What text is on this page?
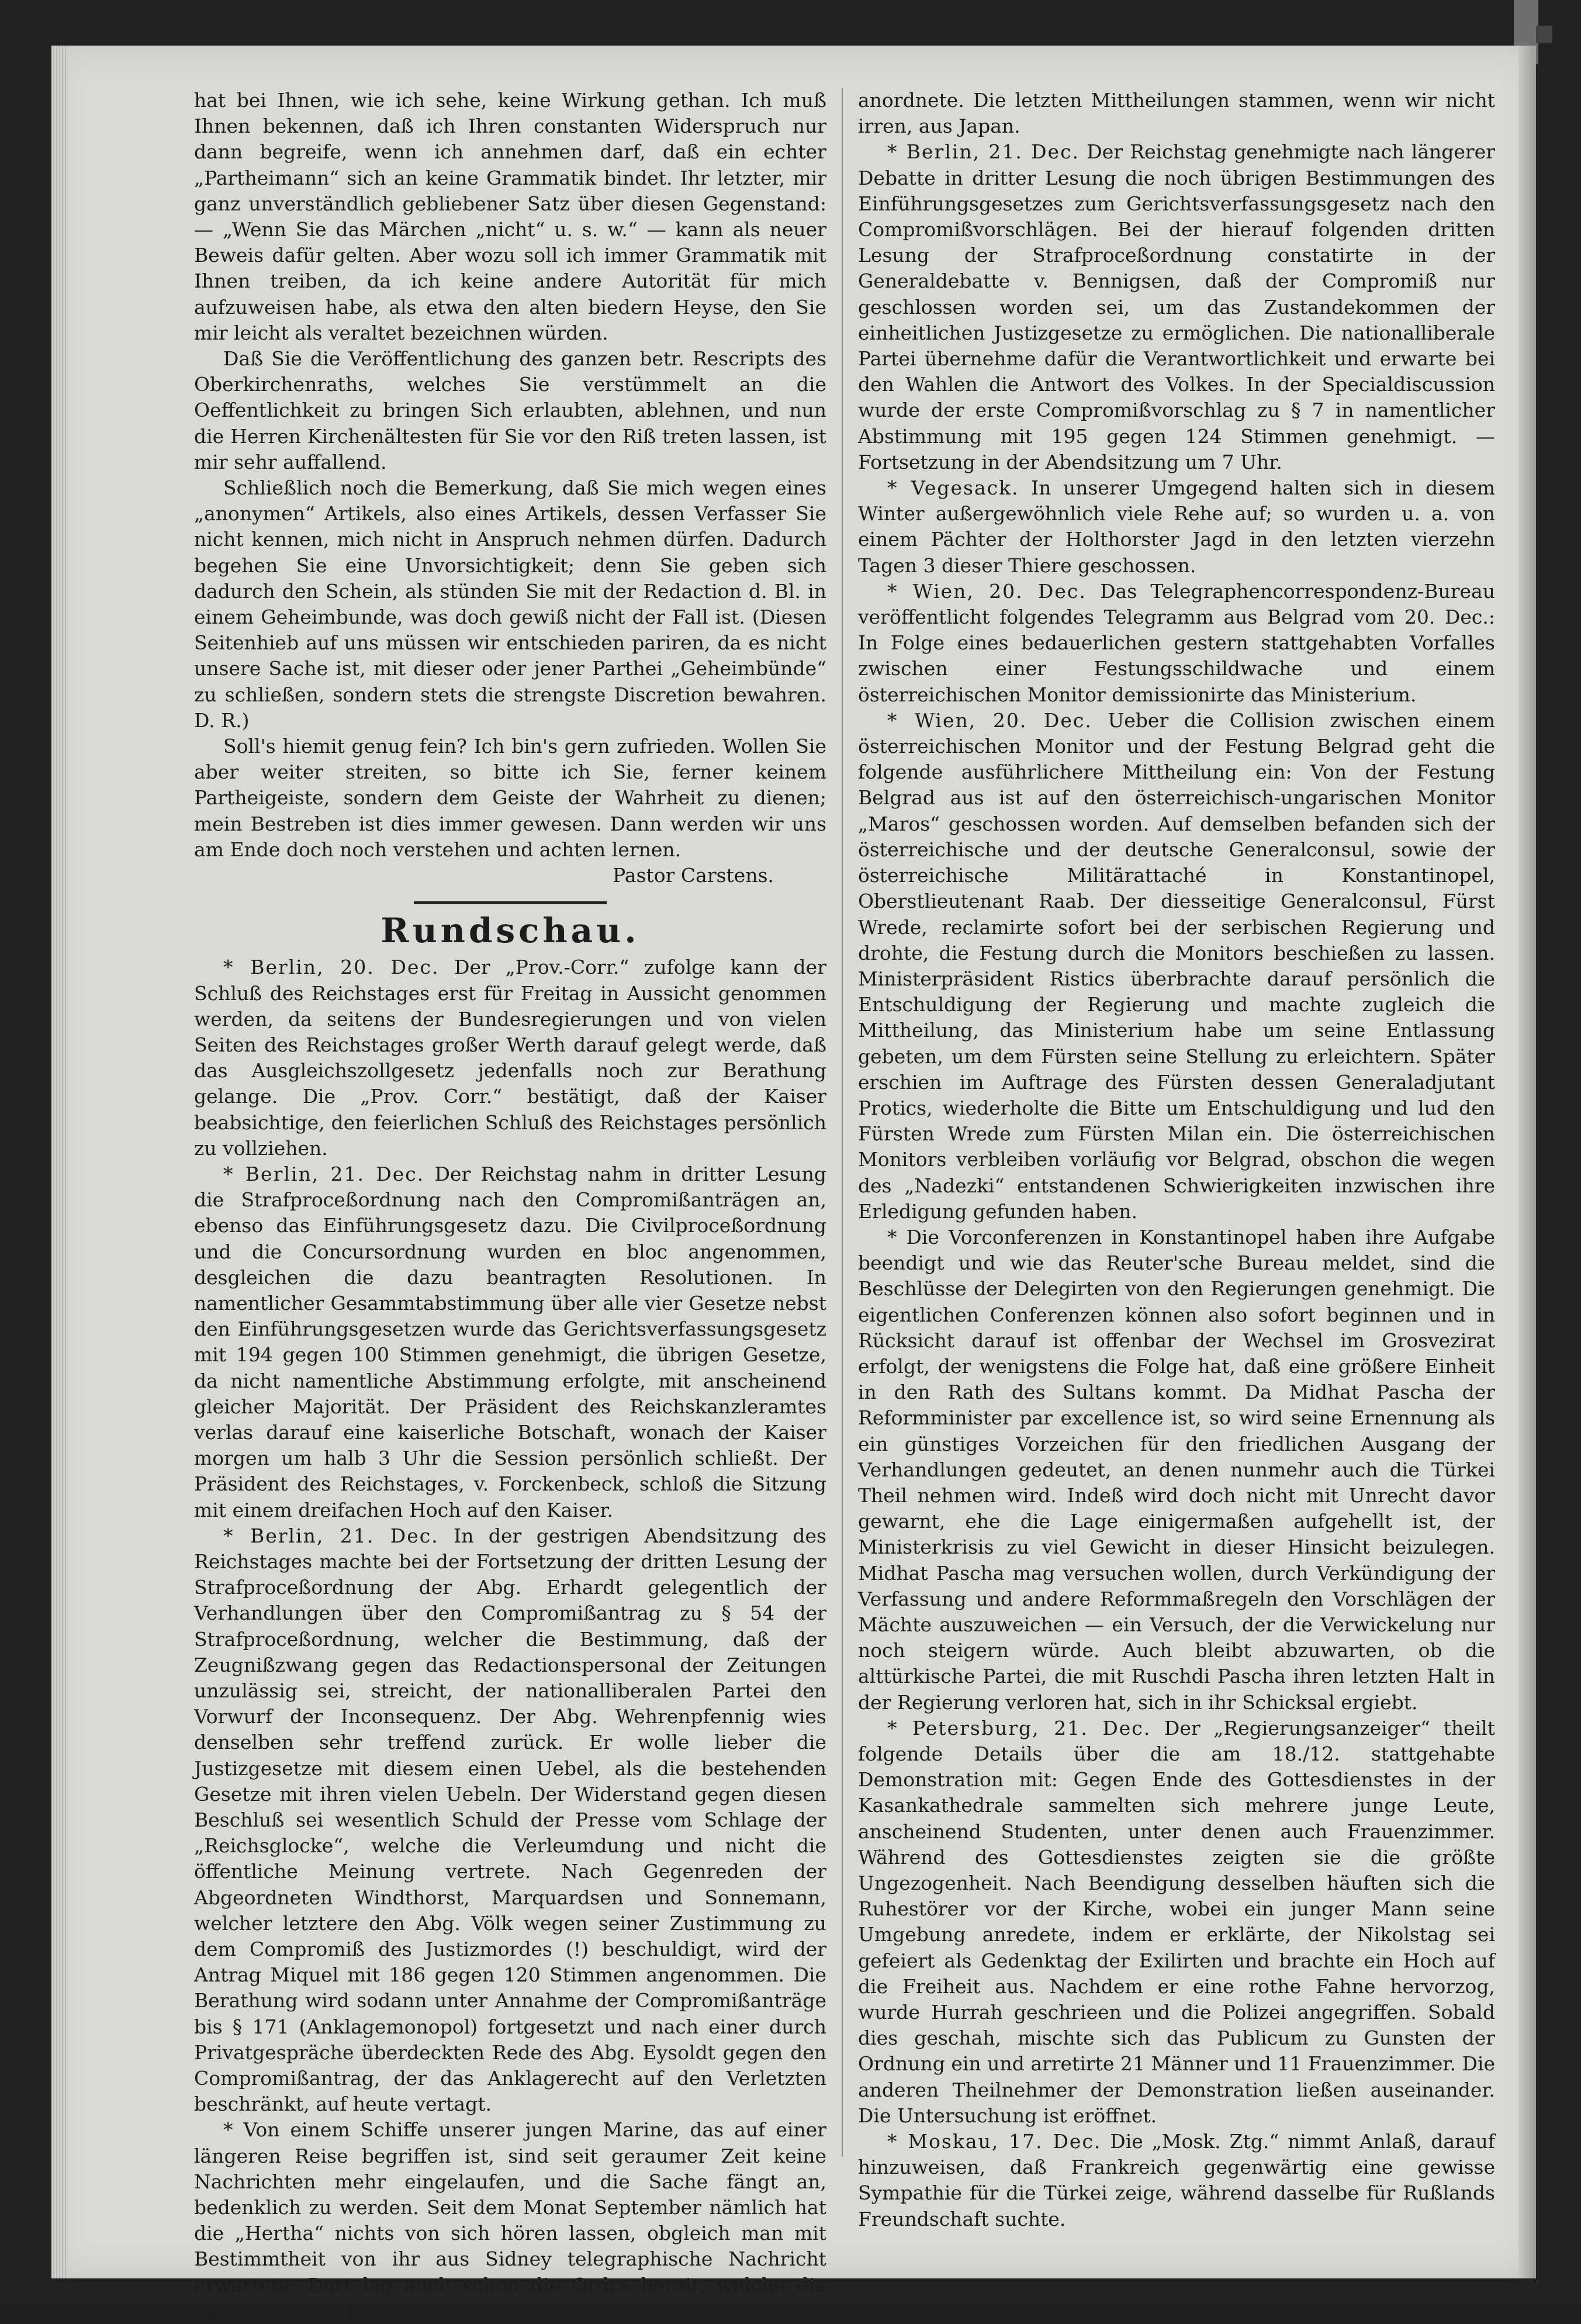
hat bei Ihnen, wie ich sehe, keine Wirkung gethan. Ich muß Ihnen bekennen, daß ich Ihren constanten Widerspruch nur dann begreife, wenn ich annehmen darf, daß ein echter „Partheimann“ sich an keine Grammatik bindet. Ihr letzter, mir ganz unverständlich gebliebener Satz über diesen Gegenstand: — „Wenn Sie das Märchen „nicht“ u. s. w.“ — kann als neuer Beweis dafür gelten. Aber wozu soll ich immer Grammatik mit Ihnen treiben, da ich keine andere Autorität für mich aufzuweisen habe, als etwa den alten biedern Heyse, den Sie mir leicht als veraltet bezeichnen würden.

Daß Sie die Veröffentlichung des ganzen betr. Rescripts des Oberkirchenraths, welches Sie verstümmelt an die Oeffentlichkeit zu bringen Sich erlaubten, ablehnen, und nun die Herren Kirchenältesten für Sie vor den Riß treten lassen, ist mir sehr auffallend.

Schließlich noch die Bemerkung, daß Sie mich wegen eines „anonymen“ Artikels, also eines Artikels, dessen Verfasser Sie nicht kennen, mich nicht in Anspruch nehmen dürfen. Dadurch begehen Sie eine Unvorsichtigkeit; denn Sie geben sich dadurch den Schein, als stünden Sie mit der Redaction d. Bl. in einem Geheimbunde, was doch gewiß nicht der Fall ist. (Diesen Seitenhieb auf uns müssen wir entschieden pariren, da es nicht unsere Sache ist, mit dieser oder jener Parthei „Geheimbünde“ zu schließen, sondern stets die strengste Discretion bewahren. D. R.)

Soll's hiemit genug fein? Ich bin's gern zufrieden. Wollen Sie aber weiter streiten, so bitte ich Sie, ferner keinem Partheigeiste, sondern dem Geiste der Wahrheit zu dienen; mein Bestreben ist dies immer gewesen. Dann werden wir uns am Ende doch noch verstehen und achten lernen.

Pastor Carstens.

Rundschau.

* Berlin, 20. Dec. Der „Prov.-Corr.“ zufolge kann der Schluß des Reichstages erst für Freitag in Aussicht genommen werden, da seitens der Bundesregierungen und von vielen Seiten des Reichstages großer Werth darauf gelegt werde, daß das Ausgleichszollgesetz jedenfalls noch zur Berathung gelange. Die „Prov. Corr.“ bestätigt, daß der Kaiser beabsichtige, den feierlichen Schluß des Reichstages persönlich zu vollziehen.

* Berlin, 21. Dec. Der Reichstag nahm in dritter Lesung die Strafproceßordnung nach den Compromißanträgen an, ebenso das Einführungsgesetz dazu. Die Civilproceßordnung und die Concursordnung wurden en bloc angenommen, desgleichen die dazu beantragten Resolutionen. In namentlicher Gesammtabstimmung über alle vier Gesetze nebst den Einführungsgesetzen wurde das Gerichtsverfassungsgesetz mit 194 gegen 100 Stimmen genehmigt, die übrigen Gesetze, da nicht namentliche Abstimmung erfolgte, mit anscheinend gleicher Majorität. Der Präsident des Reichskanzleramtes verlas darauf eine kaiserliche Botschaft, wonach der Kaiser morgen um halb 3 Uhr die Session persönlich schließt. Der Präsident des Reichstages, v. Forckenbeck, schloß die Sitzung mit einem dreifachen Hoch auf den Kaiser.

* Berlin, 21. Dec. In der gestrigen Abendsitzung des Reichstages machte bei der Fortsetzung der dritten Lesung der Strafproceßordnung der Abg. Erhardt gelegentlich der Verhandlungen über den Compromißantrag zu § 54 der Strafproceßordnung, welcher die Bestimmung, daß der Zeugnißzwang gegen das Redactionspersonal der Zeitungen unzulässig sei, streicht, der nationalliberalen Partei den Vorwurf der Inconsequenz. Der Abg. Wehrenpfennig wies denselben sehr treffend zurück. Er wolle lieber die Justizgesetze mit diesem einen Uebel, als die bestehenden Gesetze mit ihren vielen Uebeln. Der Widerstand gegen diesen Beschluß sei wesentlich Schuld der Presse vom Schlage der „Reichsglocke“, welche die Verleumdung und nicht die öffentliche Meinung vertrete. Nach Gegenreden der Abgeordneten Windthorst, Marquardsen und Sonnemann, welcher letztere den Abg. Völk wegen seiner Zustimmung zu dem Compromiß des Justizmordes (!) beschuldigt, wird der Antrag Miquel mit 186 gegen 120 Stimmen angenommen. Die Berathung wird sodann unter Annahme der Compromißanträge bis § 171 (Anklagemonopol) fortgesetzt und nach einer durch Privatgespräche überdeckten Rede des Abg. Eysoldt gegen den Compromißantrag, der das Anklagerecht auf den Verletzten beschränkt, auf heute vertagt.

* Von einem Schiffe unserer jungen Marine, das auf einer längeren Reise begriffen ist, sind seit geraumer Zeit keine Nachrichten mehr eingelaufen, und die Sache fängt an, bedenklich zu werden. Seit dem Monat September nämlich hat die „Hertha“ nichts von sich hören lassen, obgleich man mit Bestimmtheit von ihr aus Sidney telegraphische Nachricht erwartete. Dort lag auch schon die Ordre bereit, welche die unverzügliche Heimkehr

anordnete. Die letzten Mittheilungen stammen, wenn wir nicht irren, aus Japan.

* Berlin, 21. Dec. Der Reichstag genehmigte nach längerer Debatte in dritter Lesung die noch übrigen Bestimmungen des Einführungsgesetzes zum Gerichtsverfassungsgesetz nach den Compromißvorschlägen. Bei der hierauf folgenden dritten Lesung der Strafproceßordnung constatirte in der Generaldebatte v. Bennigsen, daß der Compromiß nur geschlossen worden sei, um das Zustandekommen der einheitlichen Justizgesetze zu ermöglichen. Die nationalliberale Partei übernehme dafür die Verantwortlichkeit und erwarte bei den Wahlen die Antwort des Volkes. In der Specialdiscussion wurde der erste Compromißvorschlag zu § 7 in namentlicher Abstimmung mit 195 gegen 124 Stimmen genehmigt. — Fortsetzung in der Abendsitzung um 7 Uhr.

* Vegesack. In unserer Umgegend halten sich in diesem Winter außergewöhnlich viele Rehe auf; so wurden u. a. von einem Pächter der Holthorster Jagd in den letzten vierzehn Tagen 3 dieser Thiere geschossen.

* Wien, 20. Dec. Das Telegraphencorrespondenz-Bureau veröffentlicht folgendes Telegramm aus Belgrad vom 20. Dec.: In Folge eines bedauerlichen gestern stattgehabten Vorfalles zwischen einer Festungsschildwache und einem österreichischen Monitor demissionirte das Ministerium.

* Wien, 20. Dec. Ueber die Collision zwischen einem österreichischen Monitor und der Festung Belgrad geht die folgende ausführlichere Mittheilung ein: Von der Festung Belgrad aus ist auf den österreichisch-ungarischen Monitor „Maros“ geschossen worden. Auf demselben befanden sich der österreichische und der deutsche Generalconsul, sowie der österreichische Militärattaché in Konstantinopel, Oberstlieutenant Raab. Der diesseitige Generalconsul, Fürst Wrede, reclamirte sofort bei der serbischen Regierung und drohte, die Festung durch die Monitors beschießen zu lassen. Ministerpräsident Ristics überbrachte darauf persönlich die Entschuldigung der Regierung und machte zugleich die Mittheilung, das Ministerium habe um seine Entlassung gebeten, um dem Fürsten seine Stellung zu erleichtern. Später erschien im Auftrage des Fürsten dessen Generaladjutant Protics, wiederholte die Bitte um Entschuldigung und lud den Fürsten Wrede zum Fürsten Milan ein. Die österreichischen Monitors verbleiben vorläufig vor Belgrad, obschon die wegen des „Nadezki“ entstandenen Schwierigkeiten inzwischen ihre Erledigung gefunden haben.

* Die Vorconferenzen in Konstantinopel haben ihre Aufgabe beendigt und wie das Reuter'sche Bureau meldet, sind die Beschlüsse der Delegirten von den Regierungen genehmigt. Die eigentlichen Conferenzen können also sofort beginnen und in Rücksicht darauf ist offenbar der Wechsel im Grosvezirat erfolgt, der wenigstens die Folge hat, daß eine größere Einheit in den Rath des Sultans kommt. Da Midhat Pascha der Reformminister par excellence ist, so wird seine Ernennung als ein günstiges Vorzeichen für den friedlichen Ausgang der Verhandlungen gedeutet, an denen nunmehr auch die Türkei Theil nehmen wird. Indeß wird doch nicht mit Unrecht davor gewarnt, ehe die Lage einigermaßen aufgehellt ist, der Ministerkrisis zu viel Gewicht in dieser Hinsicht beizulegen. Midhat Pascha mag versuchen wollen, durch Verkündigung der Verfassung und andere Reformmaßregeln den Vorschlägen der Mächte auszuweichen — ein Versuch, der die Verwickelung nur noch steigern würde. Auch bleibt abzuwarten, ob die alttürkische Partei, die mit Ruschdi Pascha ihren letzten Halt in der Regierung verloren hat, sich in ihr Schicksal ergiebt.

* Petersburg, 21. Dec. Der „Regierungsanzeiger“ theilt folgende Details über die am 18./12. stattgehabte Demonstration mit: Gegen Ende des Gottesdienstes in der Kasankathedrale sammelten sich mehrere junge Leute, anscheinend Studenten, unter denen auch Frauenzimmer. Während des Gottesdienstes zeigten sie die größte Ungezogenheit. Nach Beendigung desselben häuften sich die Ruhestörer vor der Kirche, wobei ein junger Mann seine Umgebung anredete, indem er erklärte, der Nikolstag sei gefeiert als Gedenktag der Exilirten und brachte ein Hoch auf die Freiheit aus. Nachdem er eine rothe Fahne hervorzog, wurde Hurrah geschrieen und die Polizei angegriffen. Sobald dies geschah, mischte sich das Publicum zu Gunsten der Ordnung ein und arretirte 21 Männer und 11 Frauenzimmer. Die anderen Theilnehmer der Demonstration ließen auseinander. Die Untersuchung ist eröffnet.

* Moskau, 17. Dec. Die „Mosk. Ztg.“ nimmt Anlaß, darauf hinzuweisen, daß Frankreich gegenwärtig eine gewisse Sympathie für die Türkei zeige, während dasselbe für Rußlands Freundschaft suchte.
